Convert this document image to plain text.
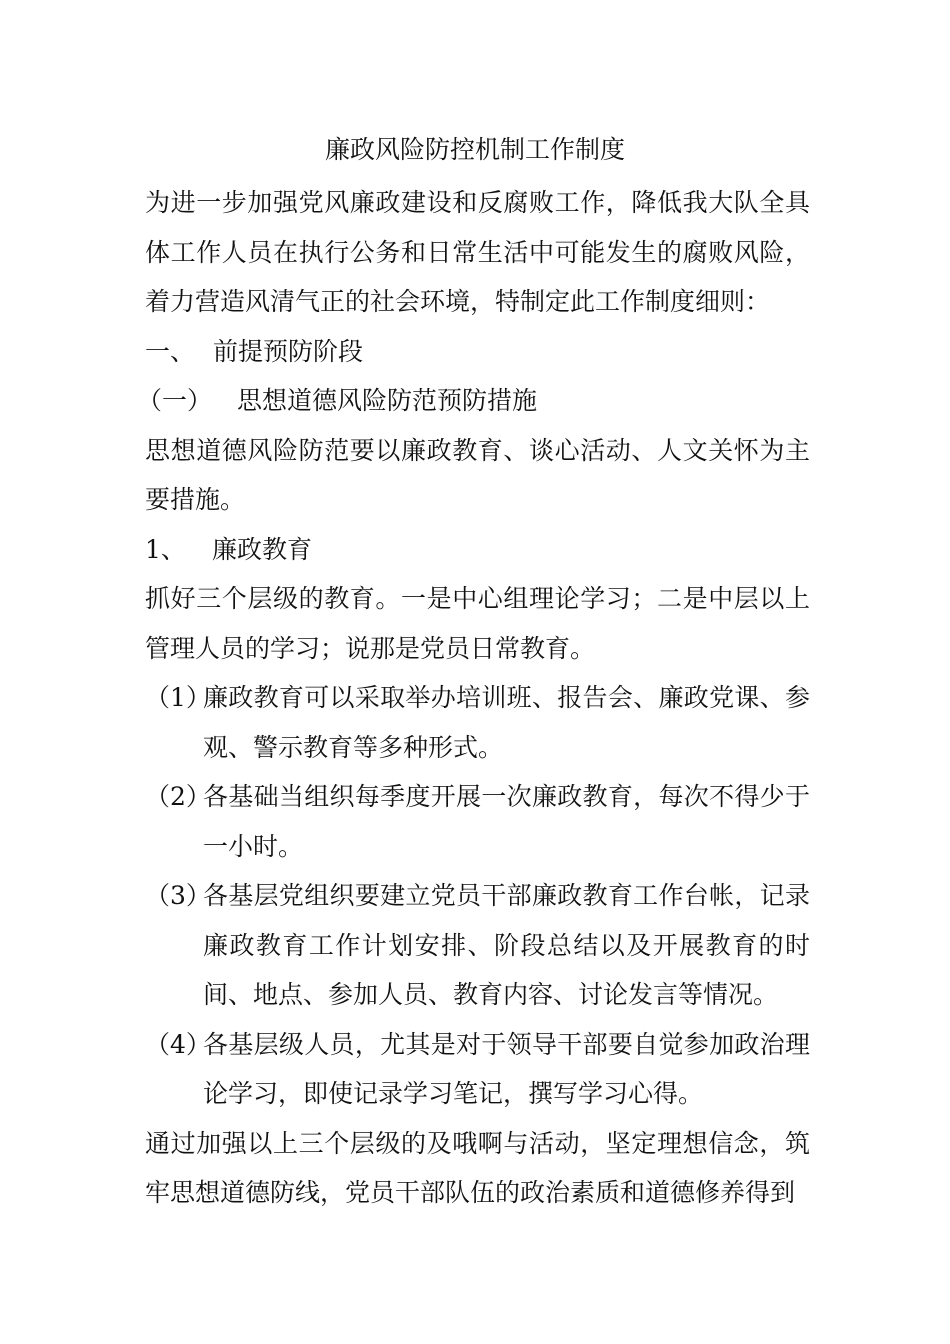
廉政风险防控机制工作制度

为进一步加强党风廉政建设和反腐败工作，降低我大队全具体工作人员在执行公务和日常生活中可能发生的腐败风险，着力营造风清气正的社会环境，特制定此工作制度细则：

一、 前提预防阶段
（一） 思想道德风险防范预防措施

思想道德风险防范要以廉政教育、谈心活动、人文关怀为主要措施。

1、	廉政教育

抓好三个层级的教育。一是中心组理论学习；二是中层以上管理人员的学习；说那是党员日常教育。

（1）
廉政教育可以采取举办培训班、报告会、廉政党课、参观、警示教育等多种形式。
（2）
各基础当组织每季度开展一次廉政教育，每次不得少于一小时。
（3）
各基层党组织要建立党员干部廉政教育工作台帐，记录廉政教育工作计划安排、阶段总结以及开展教育的时间、地点、参加人员、教育内容、讨论发言等情况。
（4）
各基层级人员，尤其是对于领导干部要自觉参加政治理论学习，即使记录学习笔记，撰写学习心得。

通过加强以上三个层级的及哦啊与活动，坚定理想信念，筑牢思想道德防线，党员干部队伍的政治素质和道德修养得到
